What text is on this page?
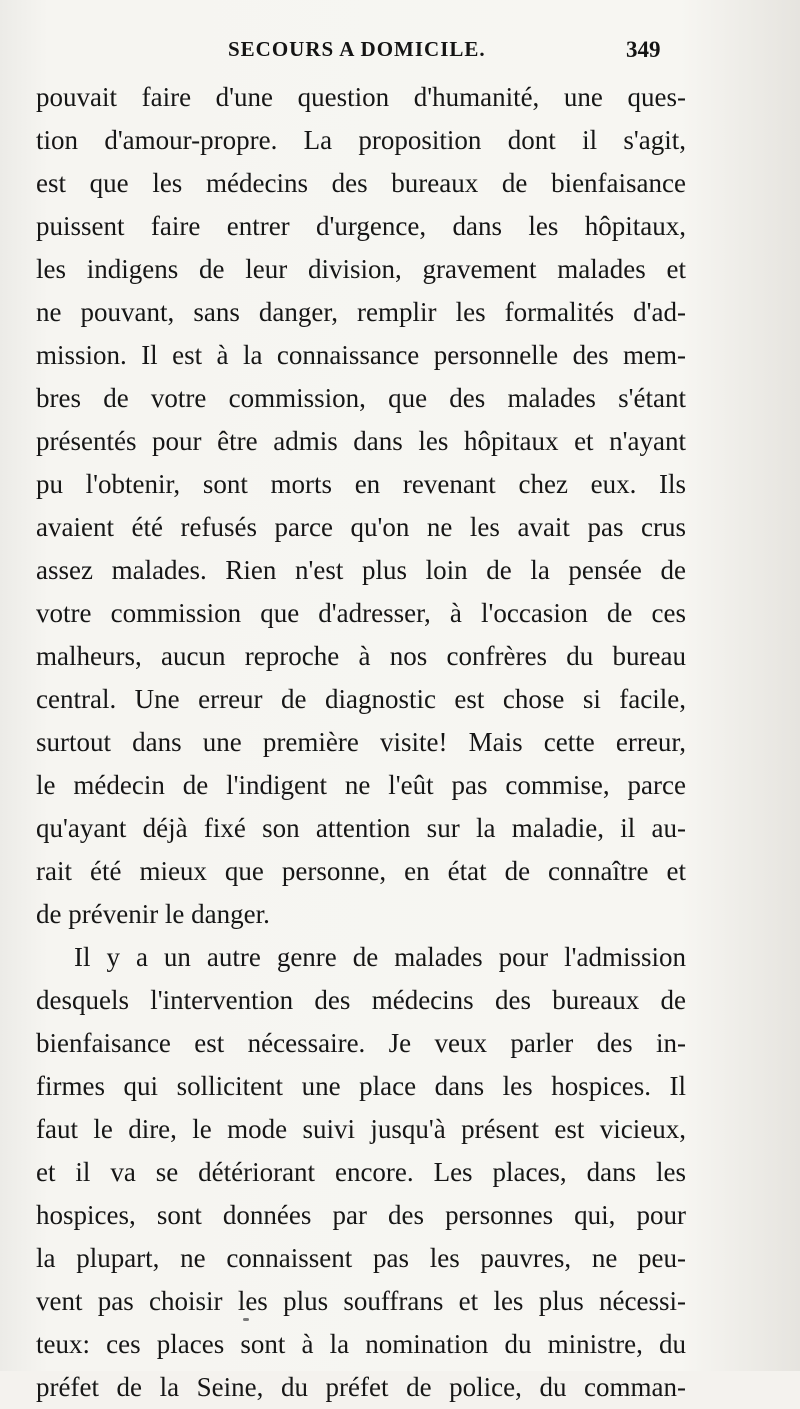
SECOURS A DOMICILE.	349
pouvait faire d'une question d'humanité, une ques-
tion d'amour-propre. La proposition dont il s'agit,
est que les médecins des bureaux de bienfaisance
puissent faire entrer d'urgence, dans les hôpitaux,
les indigens de leur division, gravement malades et
ne pouvant, sans danger, remplir les formalités d'ad-
mission. Il est à la connaissance personnelle des mem-
bres de votre commission, que des malades s'étant
présentés pour être admis dans les hôpitaux et n'ayant
pu l'obtenir, sont morts en revenant chez eux. Ils
avaient été refusés parce qu'on ne les avait pas crus
assez malades. Rien n'est plus loin de la pensée de
votre commission que d'adresser, à l'occasion de ces
malheurs, aucun reproche à nos confrères du bureau
central. Une erreur de diagnostic est chose si facile,
surtout dans une première visite! Mais cette erreur,
le médecin de l'indigent ne l'eût pas commise, parce
qu'ayant déjà fixé son attention sur la maladie, il au-
rait été mieux que personne, en état de connaître et
de prévenir le danger.
Il y a un autre genre de malades pour l'admission
desquels l'intervention des médecins des bureaux de
bienfaisance est nécessaire. Je veux parler des in-
firmes qui sollicitent une place dans les hospices. Il
faut le dire, le mode suivi jusqu'à présent est vicieux,
et il va se détériorant encore. Les places, dans les
hospices, sont données par des personnes qui, pour
la plupart, ne connaissent pas les pauvres, ne peu-
vent pas choisir les plus souffrans et les plus nécessi-
teux: ces places sont à la nomination du ministre, du
préfet de la Seine, du préfet de police, du comman-
